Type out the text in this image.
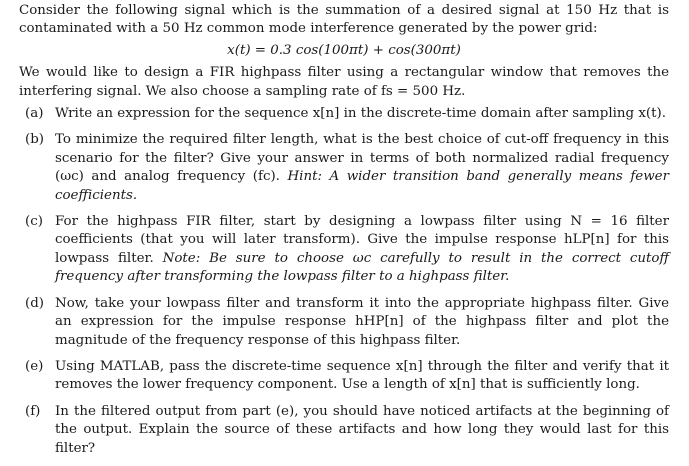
Consider the following signal which is the summation of a desired signal at 150 Hz that is contaminated with a 50 Hz common mode interference generated by the power grid:
x(t) = 0.3 cos(100πt) + cos(300πt)
We would like to design a FIR highpass filter using a rectangular window that removes the interfering signal. We also choose a sampling rate of fs = 500 Hz.
(a) Write an expression for the sequence x[n] in the discrete-time domain after sampling x(t).
(b) To minimize the required filter length, what is the best choice of cut-off frequency in this scenario for the filter? Give your answer in terms of both normalized radial frequency (ωc) and analog frequency (fc). Hint: A wider transition band generally means fewer coefficients.
(c) For the highpass FIR filter, start by designing a lowpass filter using N = 16 filter coefficients (that you will later transform). Give the impulse response hLP[n] for this lowpass filter. Note: Be sure to choose ωc carefully to result in the correct cutoff frequency after transforming the lowpass filter to a highpass filter.
(d) Now, take your lowpass filter and transform it into the appropriate highpass filter. Give an expression for the impulse response hHP[n] of the highpass filter and plot the magnitude of the frequency response of this highpass filter.
(e) Using MATLAB, pass the discrete-time sequence x[n] through the filter and verify that it removes the lower frequency component. Use a length of x[n] that is sufficiently long.
(f) In the filtered output from part (e), you should have noticed artifacts at the beginning of the output. Explain the source of these artifacts and how long they would last for this filter?
